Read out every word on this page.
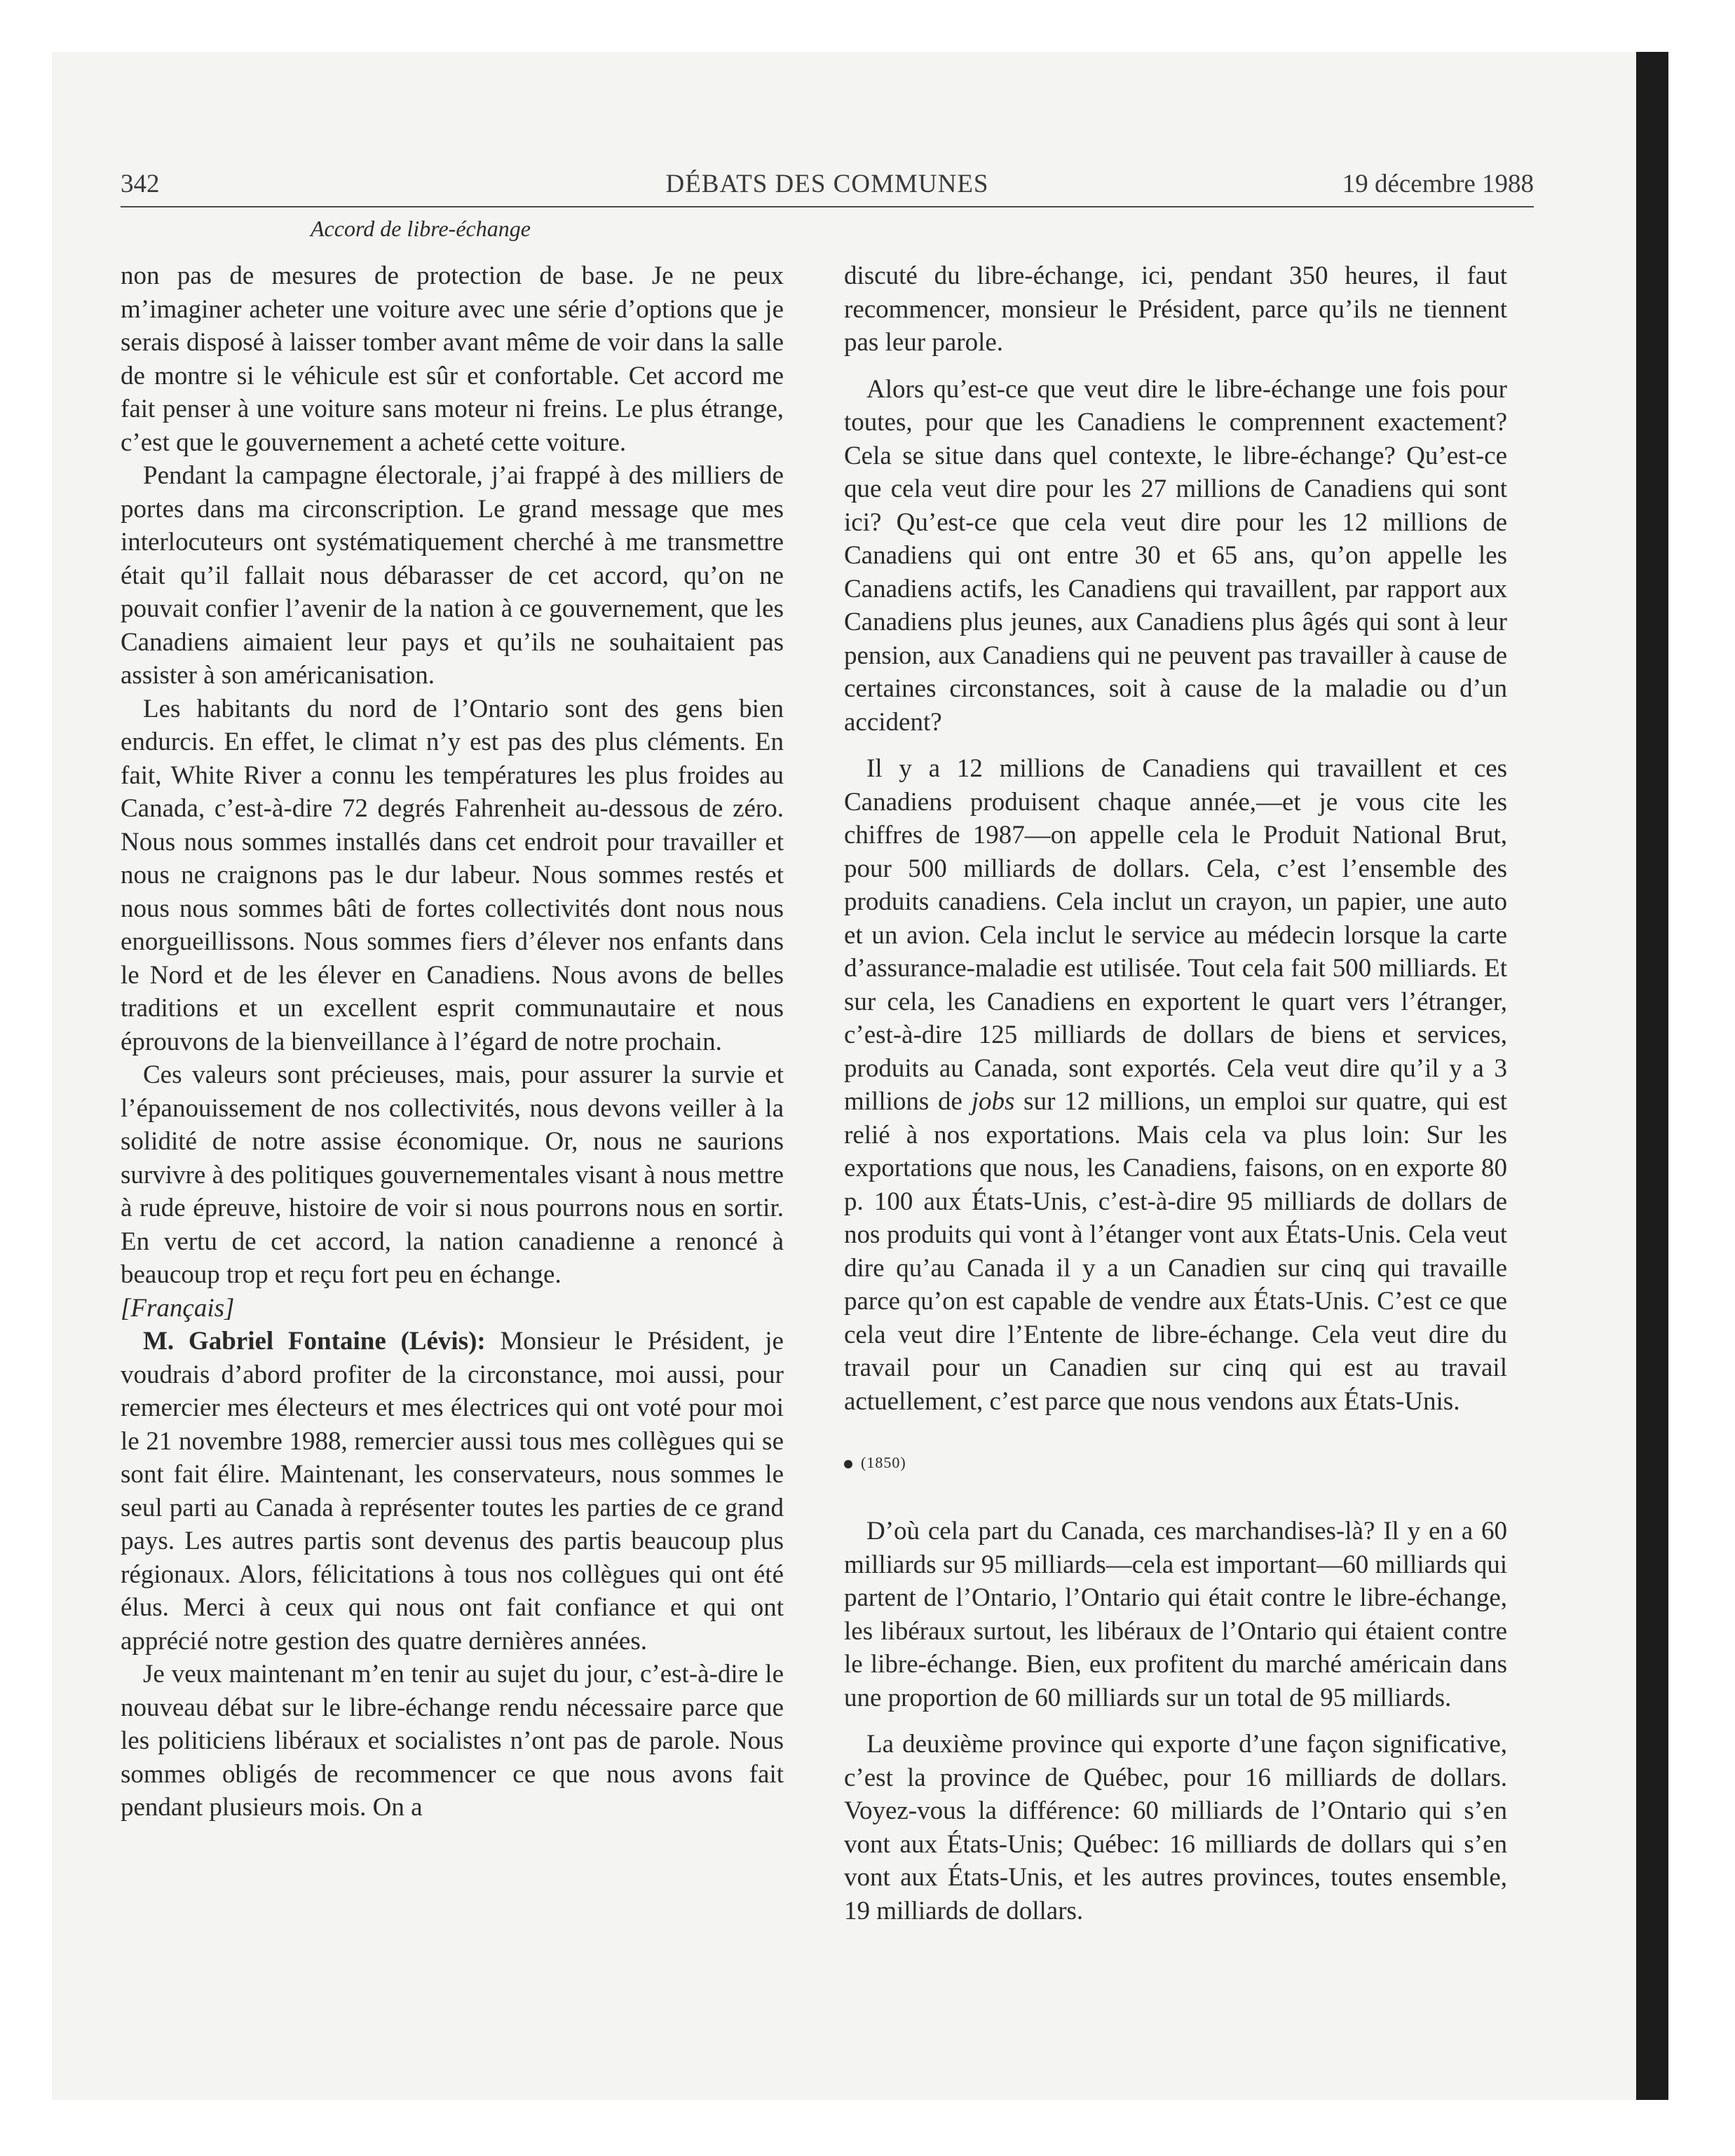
342	DÉBATS DES COMMUNES	19 décembre 1988
Accord de libre-échange

non pas de mesures de protection de base. Je ne peux m’imaginer acheter une voiture avec une série d’options que je serais disposé à laisser tomber avant même de voir dans la salle de montre si le véhicule est sûr et confortable. Cet accord me fait penser à une voiture sans moteur ni freins. Le plus étrange, c’est que le gouvernement a acheté cette voiture.

Pendant la campagne électorale, j’ai frappé à des milliers de portes dans ma circonscription. Le grand message que mes interlocuteurs ont systématiquement cherché à me transmettre était qu’il fallait nous débarasser de cet accord, qu’on ne pouvait confier l’avenir de la nation à ce gouvernement, que les Canadiens aimaient leur pays et qu’ils ne souhaitaient pas assister à son américanisation.

Les habitants du nord de l’Ontario sont des gens bien endurcis. En effet, le climat n’y est pas des plus cléments. En fait, White River a connu les températures les plus froides au Canada, c’est-à-dire 72 degrés Fahrenheit au-dessous de zéro. Nous nous sommes installés dans cet endroit pour travailler et nous ne craignons pas le dur labeur. Nous sommes restés et nous nous sommes bâti de fortes collectivités dont nous nous enorgueillissons. Nous sommes fiers d’élever nos enfants dans le Nord et de les élever en Canadiens. Nous avons de belles traditions et un excellent esprit communautaire et nous éprouvons de la bienveillance à l’égard de notre prochain.

Ces valeurs sont précieuses, mais, pour assurer la survie et l’épanouissement de nos collectivités, nous devons veiller à la solidité de notre assise économique. Or, nous ne saurions survivre à des politiques gouvernementales visant à nous mettre à rude épreuve, histoire de voir si nous pourrons nous en sortir. En vertu de cet accord, la nation canadienne a renoncé à beaucoup trop et reçu fort peu en échange.

[Français]

M. Gabriel Fontaine (Lévis): Monsieur le Président, je voudrais d’abord profiter de la circonstance, moi aussi, pour remercier mes électeurs et mes électrices qui ont voté pour moi le 21 novembre 1988, remercier aussi tous mes collègues qui se sont fait élire. Maintenant, les conservateurs, nous sommes le seul parti au Canada à représenter toutes les parties de ce grand pays. Les autres partis sont devenus des partis beaucoup plus régionaux. Alors, félicitations à tous nos collègues qui ont été élus. Merci à ceux qui nous ont fait confiance et qui ont apprécié notre gestion des quatre dernières années.

Je veux maintenant m’en tenir au sujet du jour, c’est-à-dire le nouveau débat sur le libre-échange rendu nécessaire parce que les politiciens libéraux et socialistes n’ont pas de parole. Nous sommes obligés de recommencer ce que nous avons fait pendant plusieurs mois. On a

discuté du libre-échange, ici, pendant 350 heures, il faut recommencer, monsieur le Président, parce qu’ils ne tiennent pas leur parole.

Alors qu’est-ce que veut dire le libre-échange une fois pour toutes, pour que les Canadiens le comprennent exactement? Cela se situe dans quel contexte, le libre-échange? Qu’est-ce que cela veut dire pour les 27 millions de Canadiens qui sont ici? Qu’est-ce que cela veut dire pour les 12 millions de Canadiens qui ont entre 30 et 65 ans, qu’on appelle les Canadiens actifs, les Canadiens qui travaillent, par rapport aux Canadiens plus jeunes, aux Canadiens plus âgés qui sont à leur pension, aux Canadiens qui ne peuvent pas travailler à cause de certaines circonstances, soit à cause de la maladie ou d’un accident?

Il y a 12 millions de Canadiens qui travaillent et ces Canadiens produisent chaque année,—et je vous cite les chiffres de 1987—on appelle cela le Produit National Brut, pour 500 milliards de dollars. Cela, c’est l’ensemble des produits canadiens. Cela inclut un crayon, un papier, une auto et un avion. Cela inclut le service au médecin lorsque la carte d’assurance-maladie est utilisée. Tout cela fait 500 milliards. Et sur cela, les Canadiens en exportent le quart vers l’étranger, c’est-à-dire 125 milliards de dollars de biens et services, produits au Canada, sont exportés. Cela veut dire qu’il y a 3 millions de jobs sur 12 millions, un emploi sur quatre, qui est relié à nos exportations. Mais cela va plus loin: Sur les exportations que nous, les Canadiens, faisons, on en exporte 80 p. 100 aux États-Unis, c’est-à-dire 95 milliards de dollars de nos produits qui vont à l’étanger vont aux États-Unis. Cela veut dire qu’au Canada il y a un Canadien sur cinq qui travaille parce qu’on est capable de vendre aux États-Unis. C’est ce que cela veut dire l’Entente de libre-échange. Cela veut dire du travail pour un Canadien sur cinq qui est au travail actuellement, c’est parce que nous vendons aux États-Unis.

(1850)

D’où cela part du Canada, ces marchandises-là? Il y en a 60 milliards sur 95 milliards—cela est important—60 milliards qui partent de l’Ontario, l’Ontario qui était contre le libre-échange, les libéraux surtout, les libéraux de l’Ontario qui étaient contre le libre-échange. Bien, eux profitent du marché américain dans une proportion de 60 milliards sur un total de 95 milliards.

La deuxième province qui exporte d’une façon significative, c’est la province de Québec, pour 16 milliards de dollars. Voyez-vous la différence: 60 milliards de l’Ontario qui s’en vont aux États-Unis; Québec: 16 milliards de dollars qui s’en vont aux États-Unis, et les autres provinces, toutes ensemble, 19 milliards de dollars.
